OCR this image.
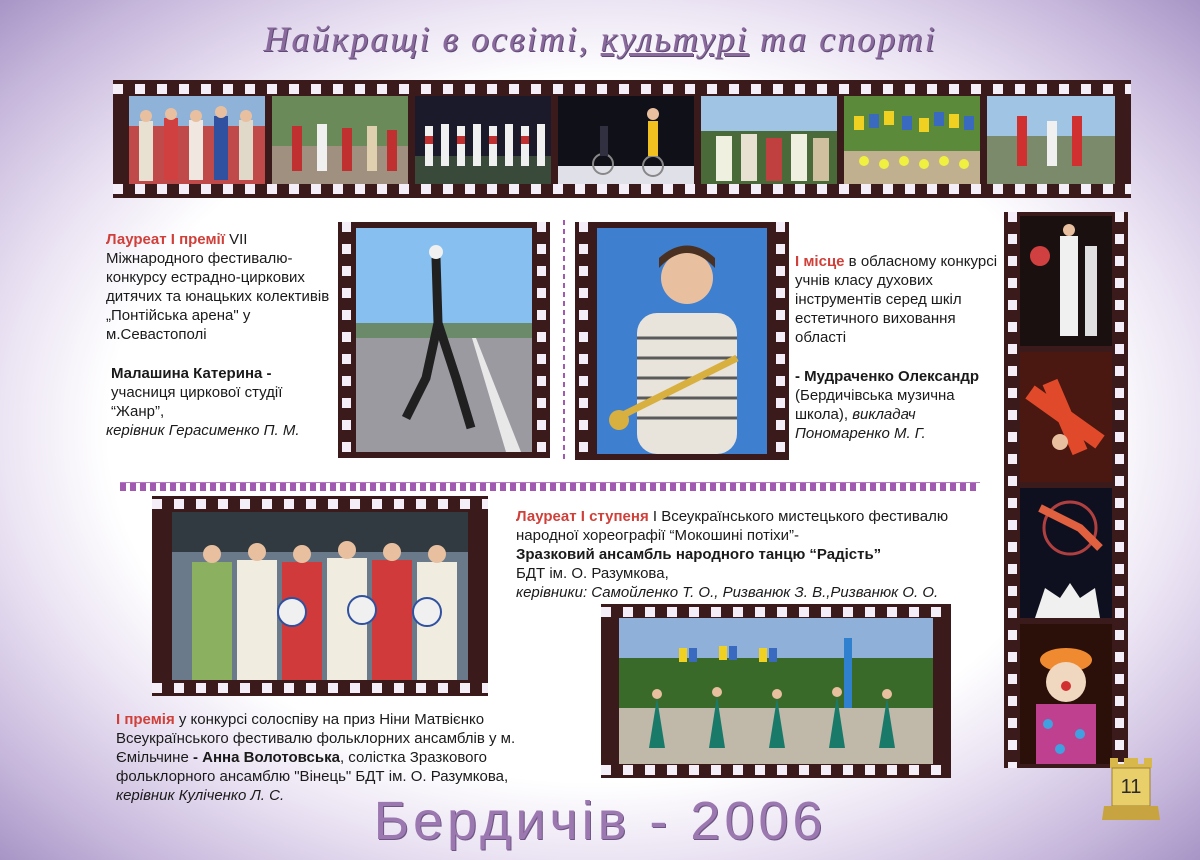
Найкращі в освіті, культурі та спорті
Лауреат І премії VII Міжнародного фестивалю-конкурсу естрадно-циркових дитячих та юнацьких колективів „Понтійська арена" у м.Севастополі
Малашина Катерина -
учасниця циркової студії “Жанр”,
керівник Герасименко П. М.
І місце в обласному конкурсі учнів класу духових інструментів серед шкіл естетичного виховання області
- Мудраченко Олександр
(Бердичівська музична школа), викладач
Пономаренко М. Г.
Лауреат І ступеня І Всеукраїнського мистецького фестивалю народної хореографії “Мокошині потіхи”-
Зразковий ансамбль народного танцю “Радість”
БДТ ім. О. Разумкова,
керівники: Самойленко Т. О., Ризванюк З. В.,Ризванюк О. О.
І премія у конкурсі солоспіву на приз Ніни Матвієнко Всеукраїнського фестивалю фольклорних ансамблів у м. Ємільчине - Анна Волотовська, солістка Зразкового фольклорного ансамблю "Вінець" БДТ ім. О. Разумкова,
керівник Куліченко Л. С.	Бердичів - 2006
11
